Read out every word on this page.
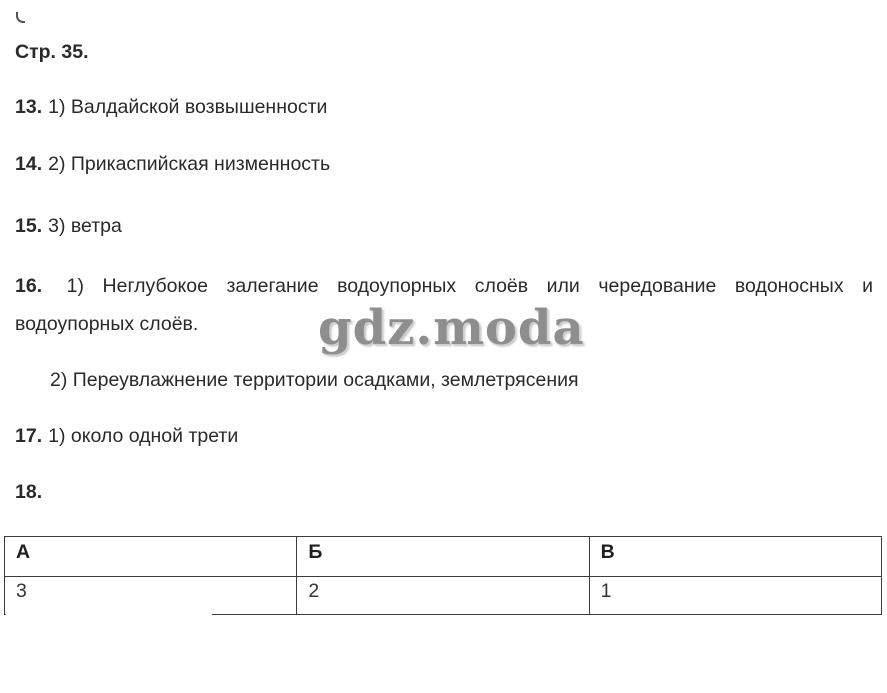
Стр. 35.
13. 1) Валдайской возвышенности
14. 2) Прикаспийская низменность
15. 3) ветра
16. 1) Неглубокое залегание водоупорных слоёв или чередование водоносных и водоупорных слоёв.
2) Переувлажнение территории осадками, землетрясения
17. 1) около одной трети
18.
gdz.moda
А	Б	В
3	2	1
